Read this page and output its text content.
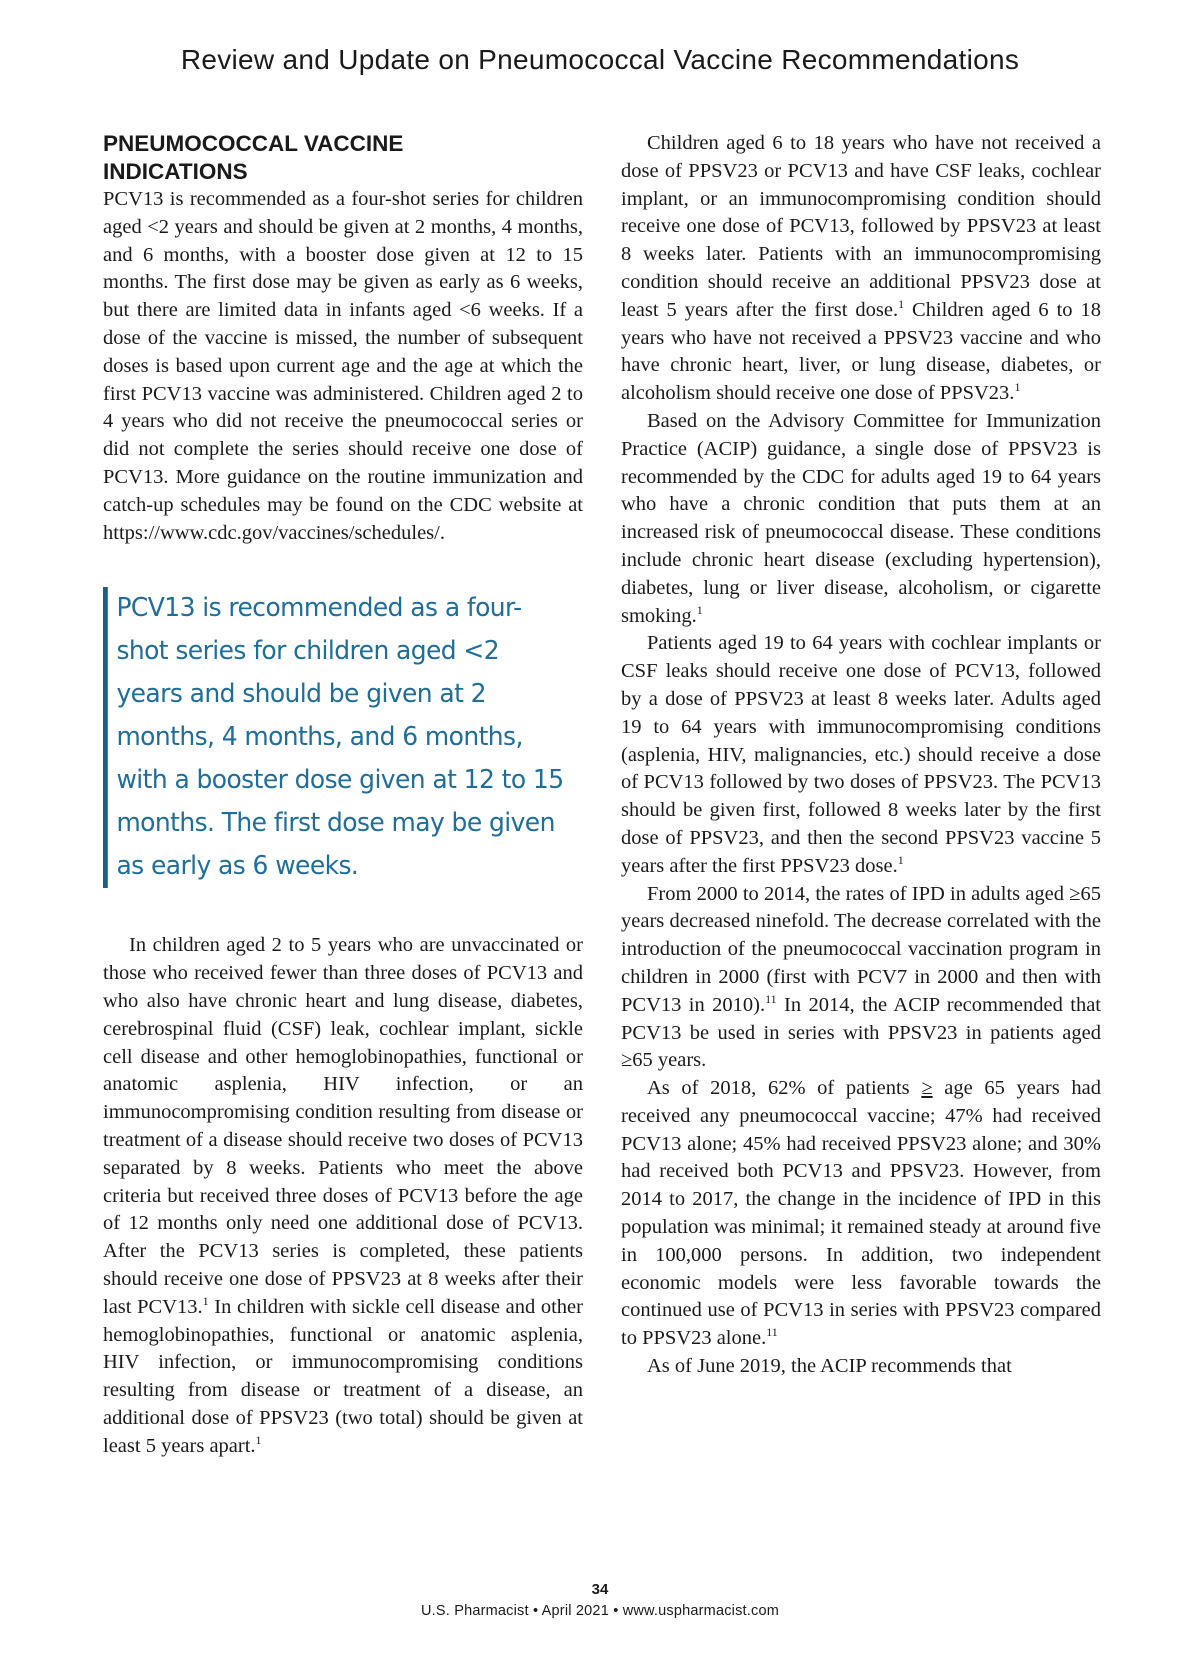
Review and Update on Pneumococcal Vaccine Recommendations
PNEUMOCOCCAL VACCINE
INDICATIONS

PCV13 is recommended as a four-shot series for children aged <2 years and should be given at 2 months, 4 months, and 6 months, with a booster dose given at 12 to 15 months. The first dose may be given as early as 6 weeks, but there are limited data in infants aged <6 weeks. If a dose of the vaccine is missed, the number of subsequent doses is based upon current age and the age at which the first PCV13 vaccine was administered. Children aged 2 to 4 years who did not receive the pneumococcal series or did not complete the series should receive one dose of PCV13. More guidance on the routine immunization and catch-up schedules may be found on the CDC website at https://www.cdc.gov/vaccines/schedules/.

PCV13 is recommended as a four-shot series for children aged <2 years and should be given at 2 months, 4 months, and 6 months, with a booster dose given at 12 to 15 months. The first dose may be given as early as 6 weeks.

In children aged 2 to 5 years who are unvaccinated or those who received fewer than three doses of PCV13 and who also have chronic heart and lung disease, diabetes, cerebrospinal fluid (CSF) leak, cochlear implant, sickle cell disease and other hemoglobinopathies, functional or anatomic asplenia, HIV infection, or an immunocompromising condition resulting from disease or treatment of a disease should receive two doses of PCV13 separated by 8 weeks. Patients who meet the above criteria but received three doses of PCV13 before the age of 12 months only need one additional dose of PCV13. After the PCV13 series is completed, these patients should receive one dose of PPSV23 at 8 weeks after their last PCV13.$^1$ In children with sickle cell disease and other hemoglobinopathies, functional or anatomic asplenia, HIV infection, or immunocompromising conditions resulting from disease or treatment of a disease, an additional dose of PPSV23 (two total) should be given at least 5 years apart.$^1$

Children aged 6 to 18 years who have not received a dose of PPSV23 or PCV13 and have CSF leaks, cochlear implant, or an immunocompromising condition should receive one dose of PCV13, followed by PPSV23 at least 8 weeks later. Patients with an immunocompromising condition should receive an additional PPSV23 dose at least 5 years after the first dose.$^1$ Children aged 6 to 18 years who have not received a PPSV23 vaccine and who have chronic heart, liver, or lung disease, diabetes, or alcoholism should receive one dose of PPSV23.$^1$

Based on the Advisory Committee for Immunization Practice (ACIP) guidance, a single dose of PPSV23 is recommended by the CDC for adults aged 19 to 64 years who have a chronic condition that puts them at an increased risk of pneumococcal disease. These conditions include chronic heart disease (excluding hypertension), diabetes, lung or liver disease, alcoholism, or cigarette smoking.$^1$

Patients aged 19 to 64 years with cochlear implants or CSF leaks should receive one dose of PCV13, followed by a dose of PPSV23 at least 8 weeks later. Adults aged 19 to 64 years with immunocompromising conditions (asplenia, HIV, malignancies, etc.) should receive a dose of PCV13 followed by two doses of PPSV23. The PCV13 should be given first, followed 8 weeks later by the first dose of PPSV23, and then the second PPSV23 vaccine 5 years after the first PPSV23 dose.$^1$

From 2000 to 2014, the rates of IPD in adults aged ≥65 years decreased ninefold. The decrease correlated with the introduction of the pneumococcal vaccination program in children in 2000 (first with PCV7 in 2000 and then with PCV13 in 2010).$^{11}$ In 2014, the ACIP recommended that PCV13 be used in series with PPSV23 in patients aged ≥65 years.

As of 2018, 62% of patients ≥ age 65 years had received any pneumococcal vaccine; 47% had received PCV13 alone; 45% had received PPSV23 alone; and 30% had received both PCV13 and PPSV23. However, from 2014 to 2017, the change in the incidence of IPD in this population was minimal; it remained steady at around five in 100,000 persons. In addition, two independent economic models were less favorable towards the continued use of PCV13 in series with PPSV23 compared to PPSV23 alone.$^{11}$

As of June 2019, the ACIP recommends that

34
U.S. Pharmacist • April 2021 • www.uspharmacist.com
